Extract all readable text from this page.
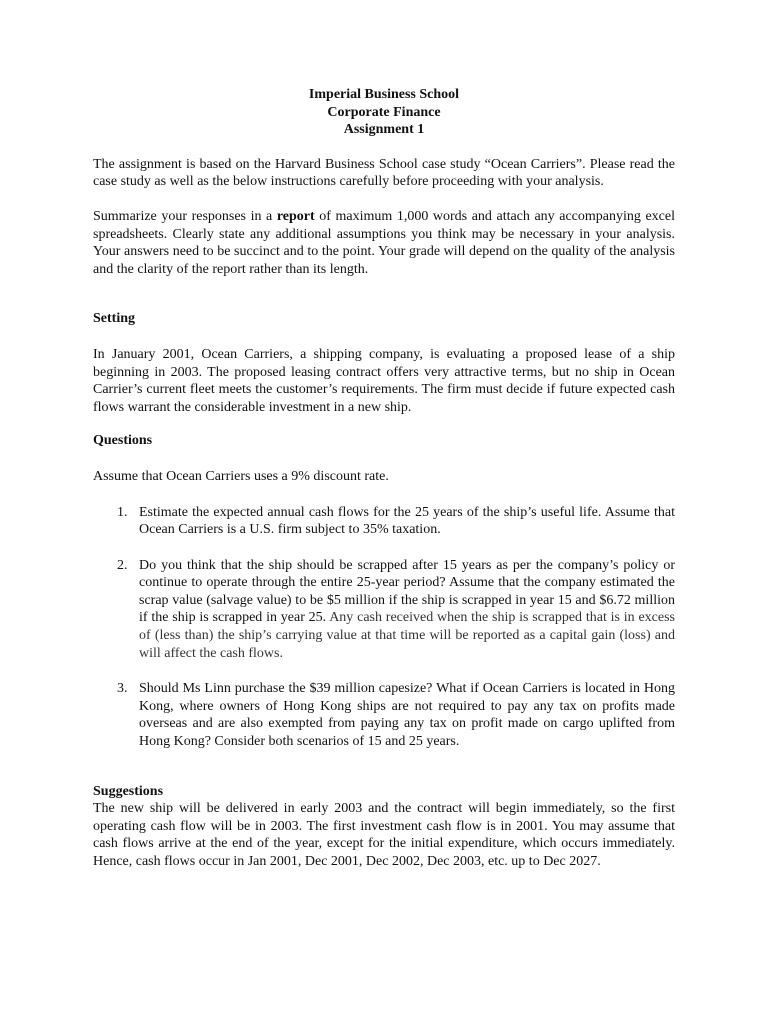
Imperial Business School
Corporate Finance
Assignment 1
The assignment is based on the Harvard Business School case study “Ocean Carriers”. Please read the case study as well as the below instructions carefully before proceeding with your analysis.
Summarize your responses in a report of maximum 1,000 words and attach any accompanying excel spreadsheets. Clearly state any additional assumptions you think may be necessary in your analysis. Your answers need to be succinct and to the point. Your grade will depend on the quality of the analysis and the clarity of the report rather than its length.
Setting
In January 2001, Ocean Carriers, a shipping company, is evaluating a proposed lease of a ship beginning in 2003. The proposed leasing contract offers very attractive terms, but no ship in Ocean Carrier’s current fleet meets the customer’s requirements. The firm must decide if future expected cash flows warrant the considerable investment in a new ship.
Questions
Assume that Ocean Carriers uses a 9% discount rate.
1. Estimate the expected annual cash flows for the 25 years of the ship’s useful life. Assume that Ocean Carriers is a U.S. firm subject to 35% taxation.
2. Do you think that the ship should be scrapped after 15 years as per the company’s policy or continue to operate through the entire 25-year period? Assume that the company estimated the scrap value (salvage value) to be $5 million if the ship is scrapped in year 15 and $6.72 million if the ship is scrapped in year 25. Any cash received when the ship is scrapped that is in excess of (less than) the ship’s carrying value at that time will be reported as a capital gain (loss) and will affect the cash flows.
3. Should Ms Linn purchase the $39 million capesize? What if Ocean Carriers is located in Hong Kong, where owners of Hong Kong ships are not required to pay any tax on profits made overseas and are also exempted from paying any tax on profit made on cargo uplifted from Hong Kong? Consider both scenarios of 15 and 25 years.
Suggestions
The new ship will be delivered in early 2003 and the contract will begin immediately, so the first operating cash flow will be in 2003. The first investment cash flow is in 2001. You may assume that cash flows arrive at the end of the year, except for the initial expenditure, which occurs immediately. Hence, cash flows occur in Jan 2001, Dec 2001, Dec 2002, Dec 2003, etc. up to Dec 2027.
